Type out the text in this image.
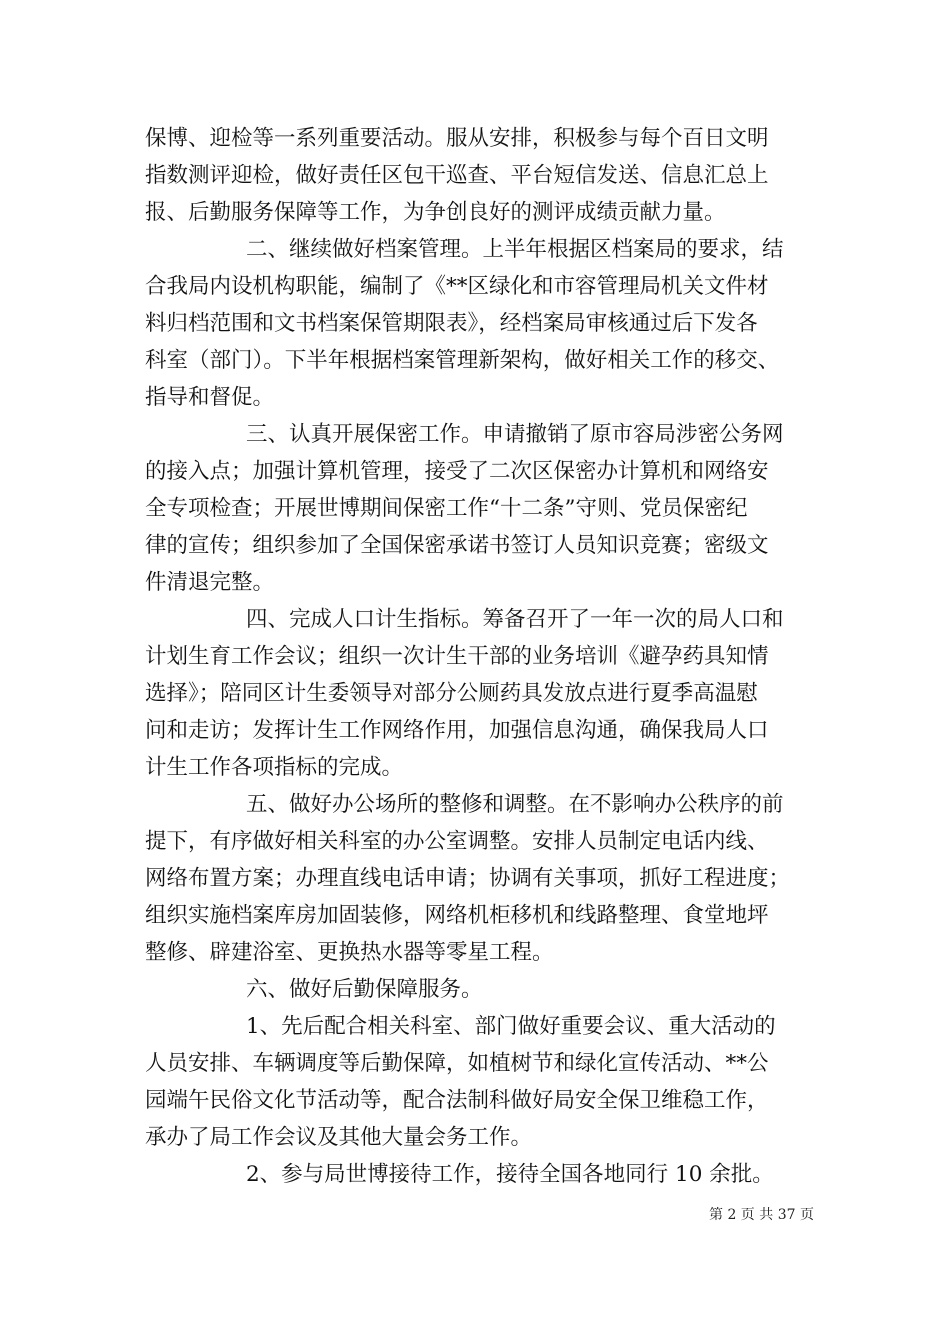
保博、迎检等一系列重要活动。服从安排，积极参与每个百日文明
指数测评迎检，做好责任区包干巡查、平台短信发送、信息汇总上
报、后勤服务保障等工作，为争创良好的测评成绩贡献力量。
二、继续做好档案管理。上半年根据区档案局的要求，结
合我局内设机构职能，编制了《**区绿化和市容管理局机关文件材
料归档范围和文书档案保管期限表》，经档案局审核通过后下发各
科室（部门）。下半年根据档案管理新架构，做好相关工作的移交、
指导和督促。
三、认真开展保密工作。申请撤销了原市容局涉密公务网
的接入点；加强计算机管理，接受了二次区保密办计算机和网络安
全专项检查；开展世博期间保密工作“十二条”守则、党员保密纪
律的宣传；组织参加了全国保密承诺书签订人员知识竞赛；密级文
件清退完整。
四、完成人口计生指标。筹备召开了一年一次的局人口和
计划生育工作会议；组织一次计生干部的业务培训《避孕药具知情
选择》；陪同区计生委领导对部分公厕药具发放点进行夏季高温慰
问和走访；发挥计生工作网络作用，加强信息沟通，确保我局人口
计生工作各项指标的完成。
五、做好办公场所的整修和调整。在不影响办公秩序的前
提下，有序做好相关科室的办公室调整。安排人员制定电话内线、
网络布置方案；办理直线电话申请；协调有关事项，抓好工程进度；
组织实施档案库房加固装修，网络机柜移机和线路整理、食堂地坪
整修、辟建浴室、更换热水器等零星工程。
六、做好后勤保障服务。
1、先后配合相关科室、部门做好重要会议、重大活动的
人员安排、车辆调度等后勤保障，如植树节和绿化宣传活动、**公
园端午民俗文化节活动等，配合法制科做好局安全保卫维稳工作，
承办了局工作会议及其他大量会务工作。
2、参与局世博接待工作，接待全国各地同行 10 余批。
第 2 页 共 37 页
